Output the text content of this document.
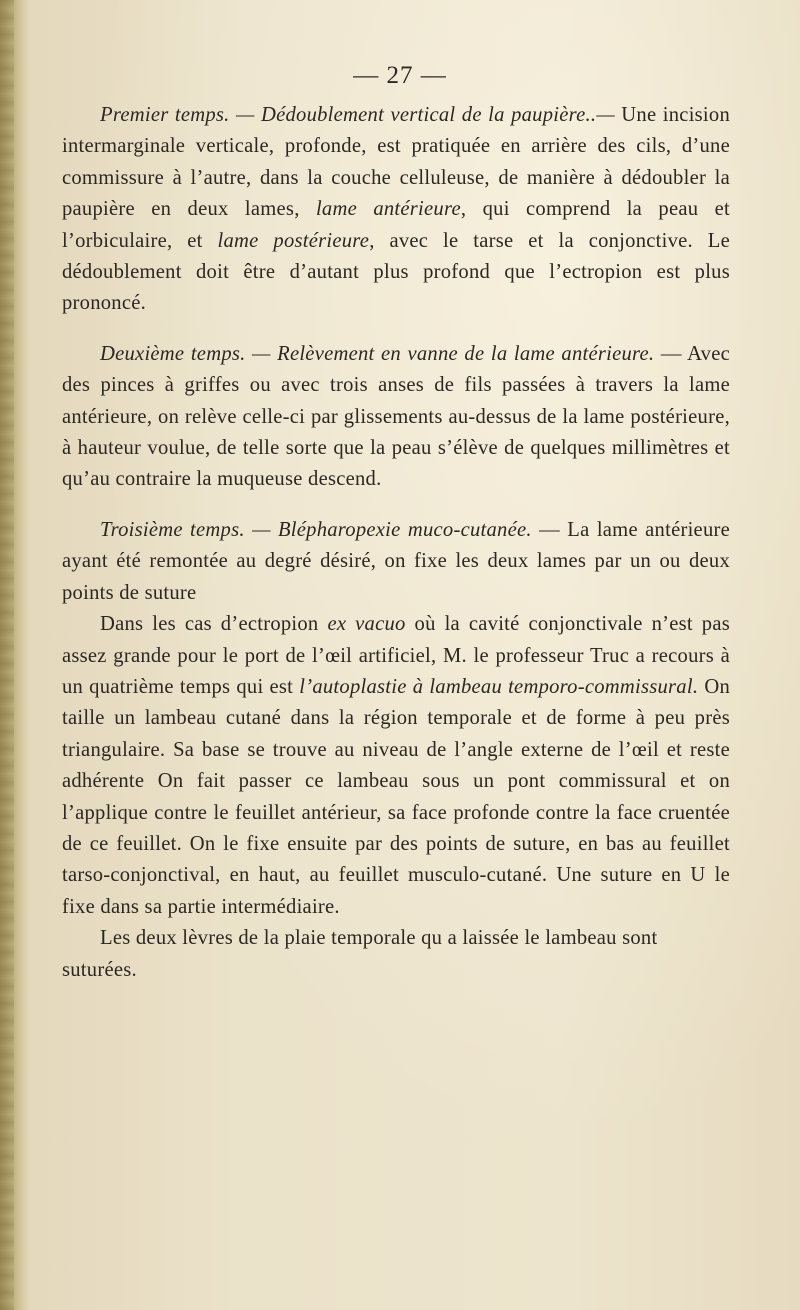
— 27 —

Premier temps. — Dédoublement vertical de la paupière..— Une incision intermarginale verticale, profonde, est pratiquée en arrière des cils, d’une commissure à l’autre, dans la couche celluleuse, de manière à dédoubler la paupière en deux lames, lame antérieure, qui comprend la peau et l’orbiculaire, et lame postérieure, avec le tarse et la conjonctive. Le dédoublement doit être d’autant plus profond que l’ectropion est plus prononcé.

Deuxième temps. — Relèvement en vanne de la lame antérieure. — Avec des pinces à griffes ou avec trois anses de fils passées à travers la lame antérieure, on relève celle-ci par glissements au-dessus de la lame postérieure, à hauteur voulue, de telle sorte que la peau s’élève de quelques millimètres et qu’au contraire la muqueuse descend.

Troisième temps. — Blépharopexie muco-cutanée. — La lame antérieure ayant été remontée au degré désiré, on fixe les deux lames par un ou deux points de suture

Dans les cas d’ectropion ex vacuo où la cavité conjonctivale n’est pas assez grande pour le port de l’œil artificiel, M. le professeur Truc a recours à un quatrième temps qui est l’autoplastie à lambeau temporo-commissural. On taille un lambeau cutané dans la région temporale et de forme à peu près triangulaire. Sa base se trouve au niveau de l’angle externe de l’œil et reste adhérente On fait passer ce lambeau sous un pont commissural et on l’applique contre le feuillet antérieur, sa face profonde contre la face cruentée de ce feuillet. On le fixe ensuite par des points de suture, en bas au feuillet tarso-conjonctival, en haut, au feuillet musculo-cutané. Une suture en U le fixe dans sa partie intermédiaire.

Les deux lèvres de la plaie temporale qu a laissée le lambeau sont suturées.
